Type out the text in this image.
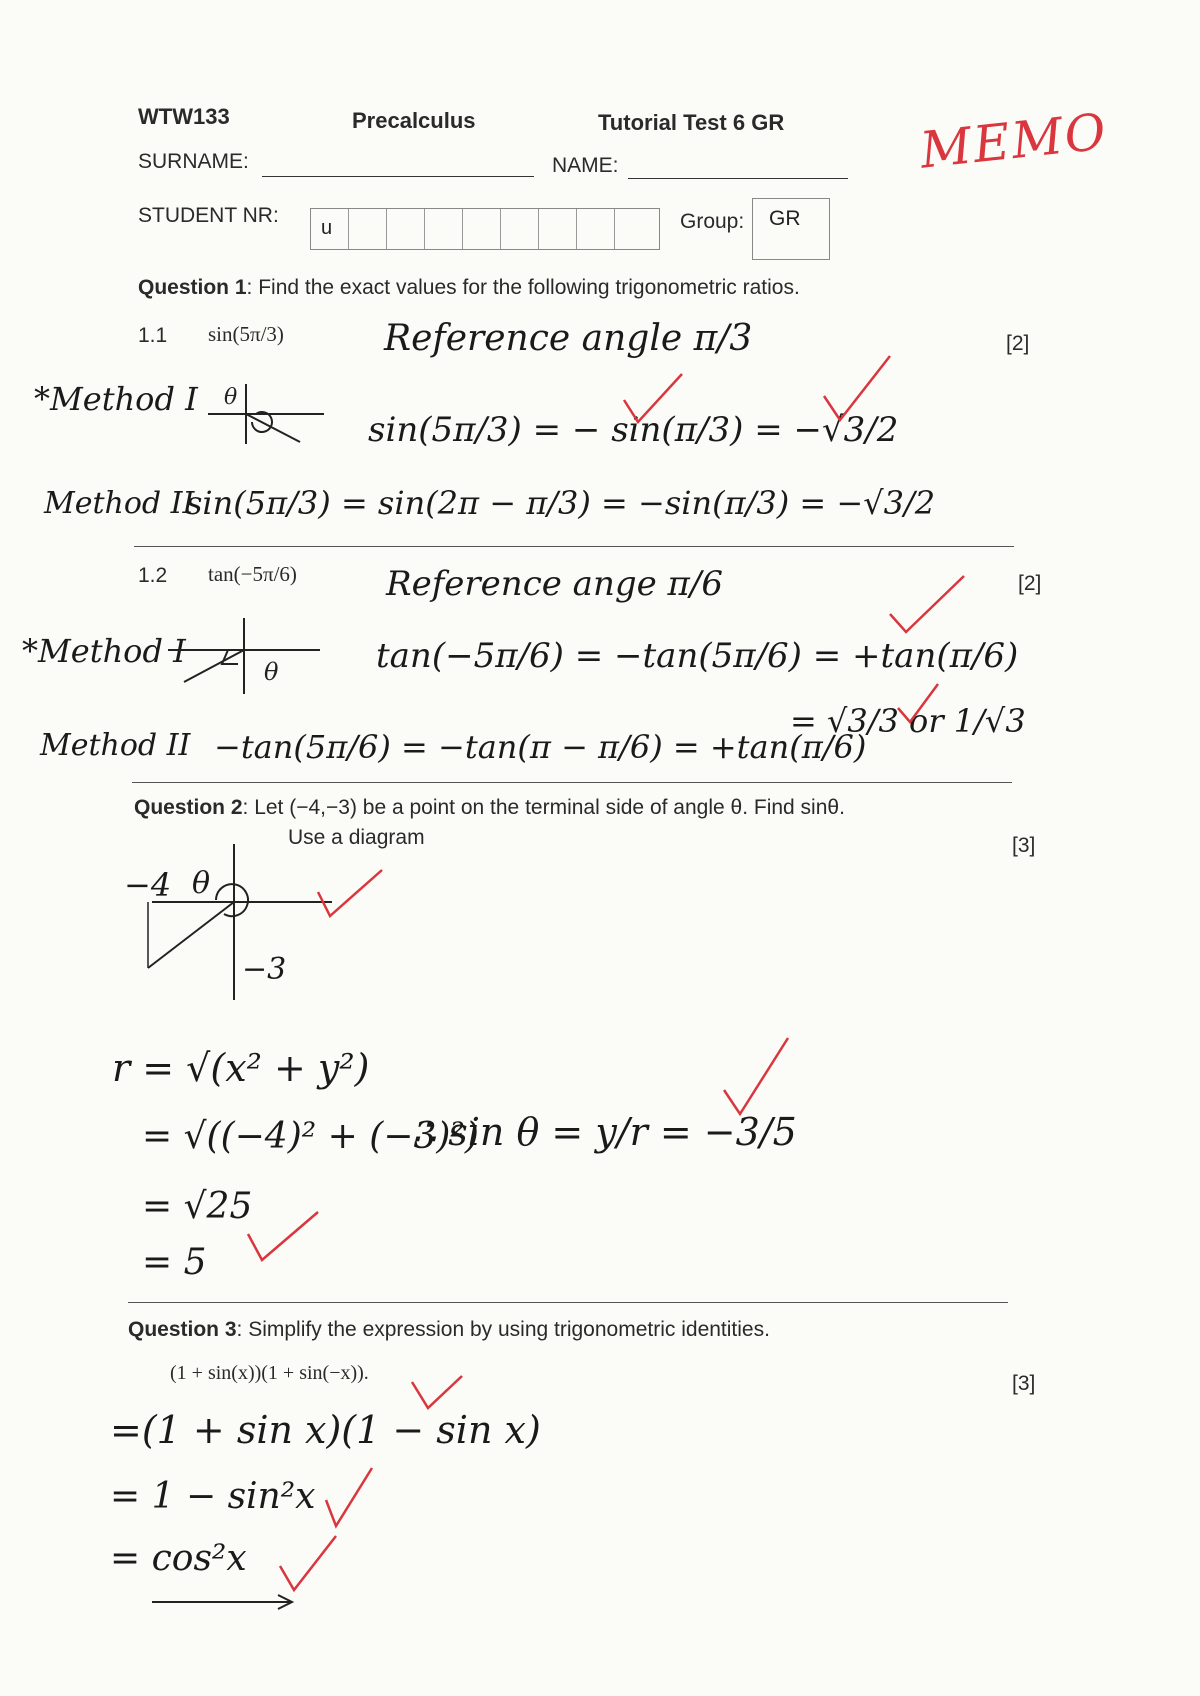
WTW133	Precalculus	Tutorial Test 6 GR	MEMO
SURNAME:	NAME:
STUDENT NR:
u	Group: GR
Question 1: Find the exact values for the following trigonometric ratios.
1.1 sin(5π/3)	[2]
Reference angle π/3
*Method I θ
sin(5π/3) = − sin(π/3) = −√3/2
Method II
sin(5π/3) = sin(2π − π/3) = −sin(π/3) = −√3/2
1.2 tan(−5π/6)	[2]
Reference ange π/6
*Method I
θ	tan(−5π/6) = −tan(5π/6) = +tan(π/6)
= √3/3 or 1/√3
Method II −tan(5π/6) = −tan(π − π/6) = +tan(π/6)
Question 2: Let (−4,−3) be a point on the terminal side of angle θ. Find sinθ.
Use a diagram	[3]
−4 θ
−3
r = √(x² + y²)
= √((−4)² + (−3)²)
= √25
= 5
∴ sin θ = y/r = −3/5
Question 3: Simplify the expression by using trigonometric identities.
(1 + sin(x))(1 + sin(−x)).	[3]
=(1 + sin x)(1 − sin x)
= 1 − sin²x
= cos²x
